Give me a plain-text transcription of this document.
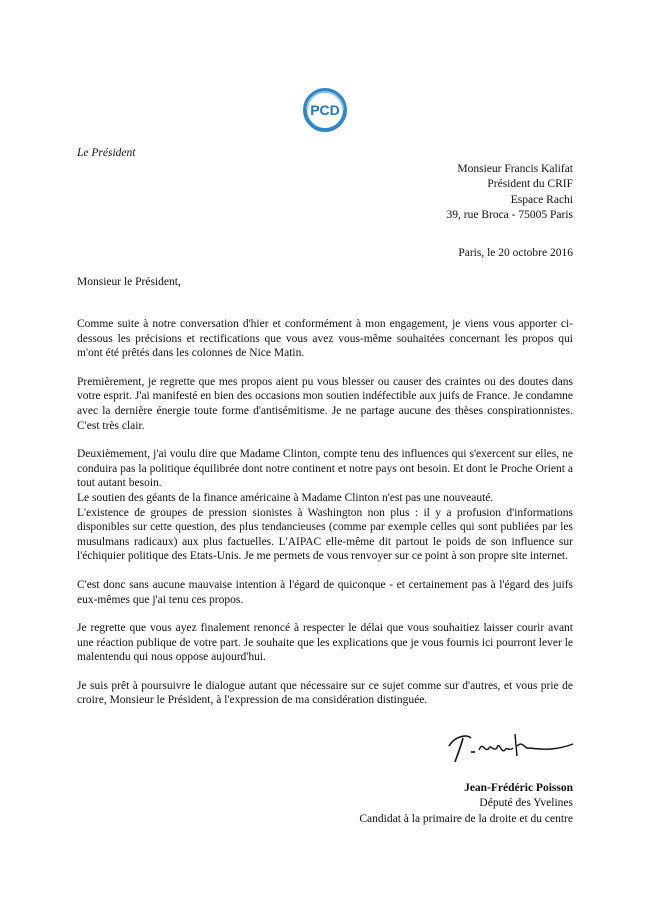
PCD
Le Président
Monsieur Francis Kalifat
Président du CRIF
Espace Rachi
39, rue Broca - 75005 Paris
Paris, le 20 octobre 2016
Monsieur le Président,

Comme suite à notre conversation d'hier et conformément à mon engagement, je viens vous apporter ci-dessous les précisions et rectifications que vous avez vous-même souhaitées concernant les propos qui m'ont été prêtés dans les colonnes de Nice Matin.

Premièrement, je regrette que mes propos aient pu vous blesser ou causer des craintes ou des doutes dans votre esprit. J'ai manifesté en bien des occasions mon soutien indéfectible aux juifs de France. Je condamne avec la dernière énergie toute forme d'antisémitisme. Je ne partage aucune des thèses conspirationnistes. C'est très clair.

Deuxièmement, j'ai voulu dire que Madame Clinton, compte tenu des influences qui s'exercent sur elles, ne conduira pas la politique équilibrée dont notre continent et notre pays ont besoin. Et dont le Proche Orient a tout autant besoin.

Le soutien des géants de la finance américaine à Madame Clinton n'est pas une nouveauté.

L'existence de groupes de pression sionistes à Washington non plus : il y a profusion d'informations disponibles sur cette question, des plus tendancieuses (comme par exemple celles qui sont publiées par les musulmans radicaux) aux plus factuelles. L'AIPAC elle-même dit partout le poids de son influence sur l'échiquier politique des Etats-Unis. Je me permets de vous renvoyer sur ce point à son propre site internet.

C'est donc sans aucune mauvaise intention à l'égard de quiconque - et certainement pas à l'égard des juifs eux-mêmes que j'ai tenu ces propos.

Je regrette que vous ayez finalement renoncé à respecter le délai que vous souhaitiez laisser courir avant une réaction publique de votre part. Je souhaite que les explications que je vous fournis ici pourront lever le malentendu qui nous oppose aujourd'hui.

Je suis prêt à poursuivre le dialogue autant que nécessaire sur ce sujet comme sur d'autres, et vous prie de croire, Monsieur le Président, à l'expression de ma considération distinguée.

Jean-Frédéric Poisson
Député des Yvelines
Candidat à la primaire de la droite et du centre
